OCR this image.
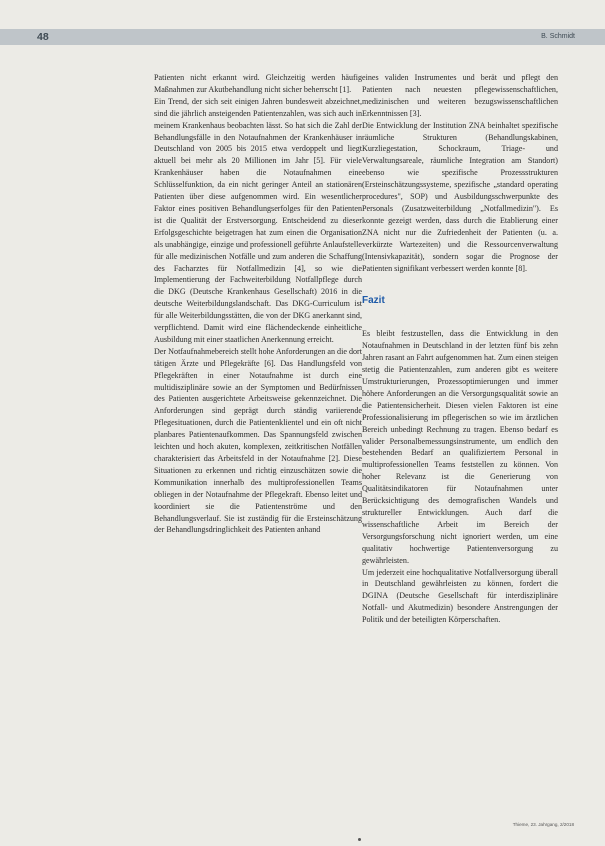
48	B. Schmidt

Patienten nicht erkannt wird. Gleichzeitig werden häufig Maßnahmen zur Akutbehandlung nicht sicher beherrscht [1].

Ein Trend, der sich seit einigen Jahren bundesweit abzeichnet, sind die jährlich ansteigenden Patientenzahlen, was sich auch in meinem Krankenhaus beobachten lässt. So hat sich die Zahl der Behandlungsfälle in den Notaufnahmen der Krankenhäuser in Deutschland von 2005 bis 2015 etwa verdoppelt und liegt aktuell bei mehr als 20 Millionen im Jahr [5]. Für viele Krankenhäuser haben die Notaufnahmen eine Schlüsselfunktion, da ein nicht geringer Anteil an stationären Patienten über diese aufgenommen wird. Ein wesentlicher Faktor eines positiven Behandlungserfolges für den Patienten ist die Qualität der Erstversorgung. Entscheidend zu dieser Erfolgsgeschichte beigetragen hat zum einen die Organisation als unabhängige, einzige und professionell geführte Anlaufstelle für alle medizinischen Notfälle und zum anderen die Schaffung des Facharztes für Notfallmedizin [4], so wie die Implementierung der Fachweiterbildung Notfallpflege durch die DKG (Deutsche Krankenhaus Gesellschaft) 2016 in die deutsche Weiterbildungslandschaft. Das DKG-Curriculum ist für alle Weiterbildungsstätten, die von der DKG anerkannt sind, verpflichtend. Damit wird eine flächendeckende einheitliche Ausbildung mit einer staatlichen Anerkennung erreicht.

Der Notfaufnahmebereich stellt hohe Anforderungen an die dort tätigen Ärzte und Pflegekräfte [6]. Das Handlungsfeld von Pflegekräften in einer Notaufnahme ist durch eine multidisziplinäre sowie an der Symptomen und Bedürfnissen des Patienten ausgerichtete Arbeitsweise gekennzeichnet. Die Anforderungen sind geprägt durch ständig variierende Pflegesituationen, durch die Patientenklientel und ein oft nicht planbares Patientenaufkommen. Das Spannungsfeld zwischen leichten und hoch akuten, komplexen, zeitkritischen Notfällen charakterisiert das Arbeitsfeld in der Notaufnahme [2]. Diese Situationen zu erkennen und richtig einzuschätzen sowie die Kommunikation innerhalb des multiprofessionellen Teams obliegen in der Notaufnahme der Pflegekraft. Ebenso leitet und koordiniert sie die Patientenströme und den Behandlungsverlauf. Sie ist zuständig für die Ersteinschätzung der Behandlungsdringlichkeit des Patienten anhand

eines validen Instrumentes und berät und pflegt den Patienten nach neuesten pflegewissenschaftlichen, medizinischen und weiteren bezugswissenschaftlichen Erkenntnissen [3].

Die Entwicklung der Institution ZNA beinhaltet spezifische räumliche Strukturen (Behandlungskabinen, Kurzliegestation, Schockraum, Triage- und Verwaltungsareale, räumliche Integration am Standort) ebenso wie spezifische Prozessstrukturen (Ersteinschätzungssysteme, spezifische „standard operating procedures", SOP) und Ausbildungsschwerpunkte des Personals (Zusatzweiterbildung „Notfallmedizin"). Es konnte gezeigt werden, dass durch die Etablierung einer ZNA nicht nur die Zufriedenheit der Patienten (u. a. verkürzte Wartezeiten) und die Ressourcenverwaltung (Intensivkapazität), sondern sogar die Prognose der Patienten signifikant verbessert werden konnte [8].

Fazit

Es bleibt festzustellen, dass die Entwicklung in den Notaufnahmen in Deutschland in der letzten fünf bis zehn Jahren rasant an Fahrt aufgenommen hat. Zum einen steigen stetig die Patientenzahlen, zum anderen gibt es weitere Umstrukturierungen, Prozessoptimierungen und immer höhere Anforderungen an die Versorgungsqualität sowie an die Patientensicherheit. Diesen vielen Faktoren ist eine Professionalisierung im pflegerischen so wie im ärztlichen Bereich unbedingt Rechnung zu tragen. Ebenso bedarf es valider Personalbemessungsinstrumente, um endlich den bestehenden Bedarf an qualifiziertem Personal in multiprofessionellen Teams feststellen zu können. Von hoher Relevanz ist die Generierung von Qualitätsindikatoren für Notaufnahmen unter Berücksichtigung des demografischen Wandels und struktureller Entwicklungen. Auch darf die wissenschaftliche Arbeit im Bereich der Versorgungsforschung nicht ignoriert werden, um eine qualitativ hochwertige Patientenversorgung zu gewährleisten.

Um jederzeit eine hochqualitative Notfallversorgung überall in Deutschland gewährleisten zu können, fordert die DGINA (Deutsche Gesellschaft für interdisziplinäre Notfall- und Akutmedizin) besondere Anstrengungen der Politik und der beteiligten Körperschaften.

Thieme, 23. Jahrgang, 2/2018
